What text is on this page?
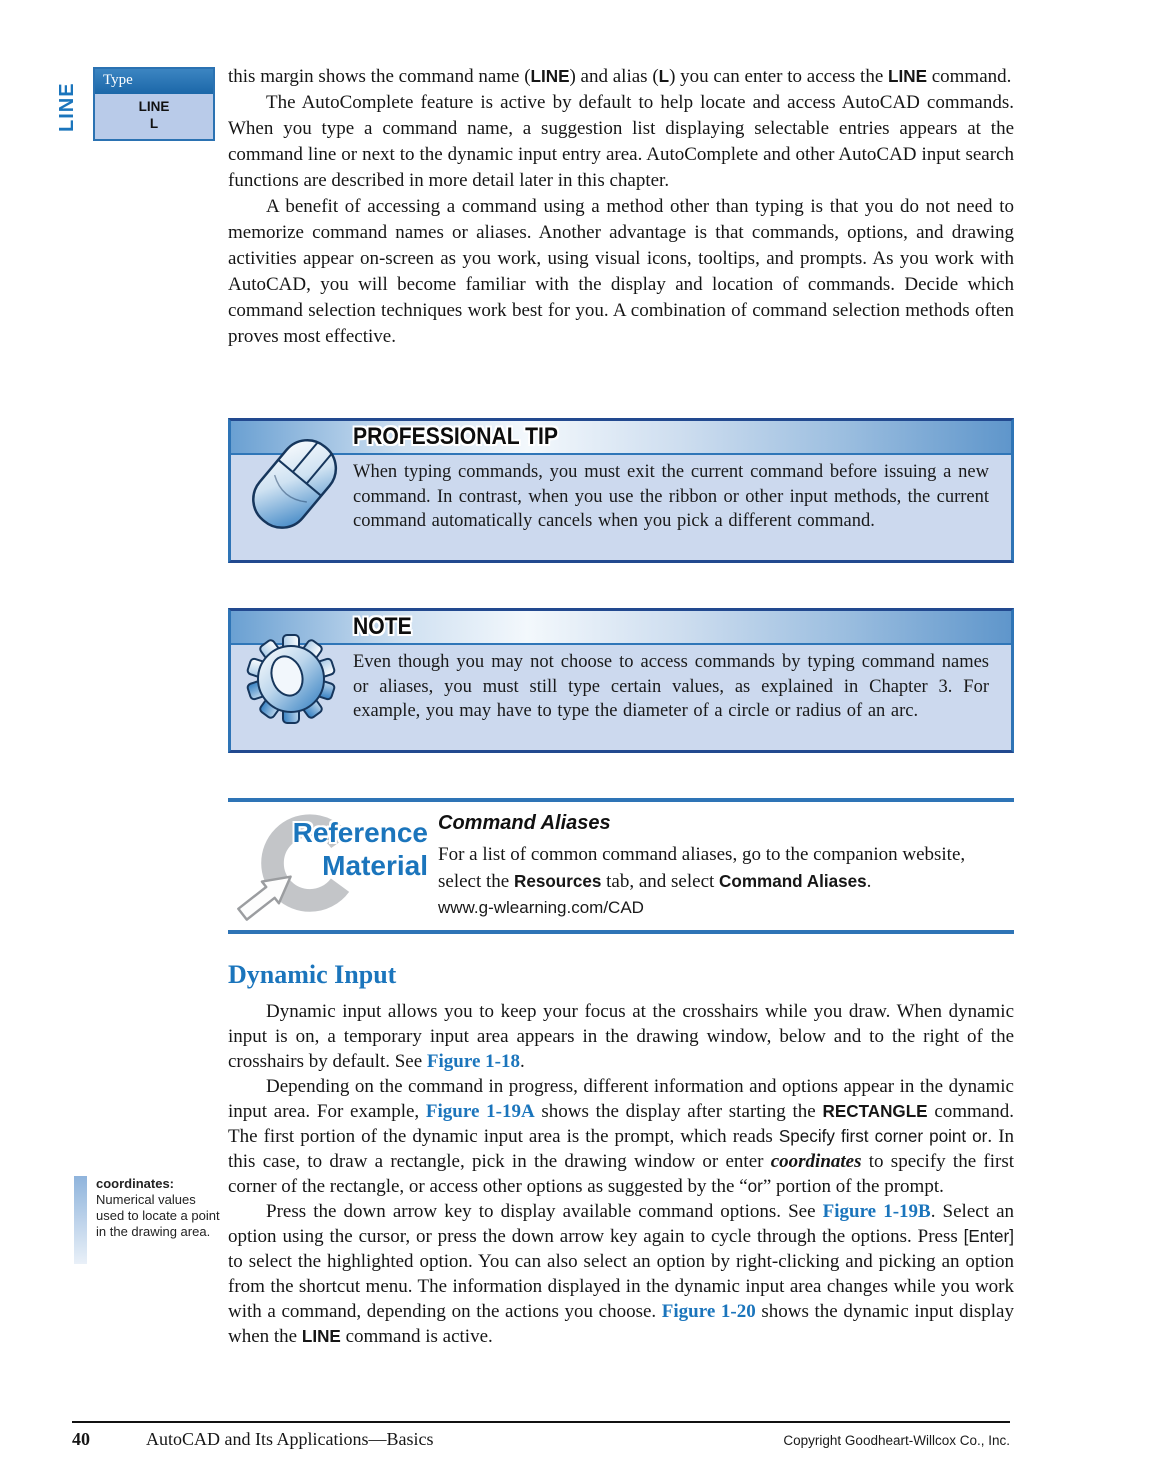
LINE
Type
LINE
L

this margin shows the command name (LINE) and alias (L) you can enter to access the LINE command.

The AutoComplete feature is active by default to help locate and access AutoCAD commands. When you type a command name, a suggestion list displaying selectable entries appears at the command line or next to the dynamic input entry area. AutoComplete and other AutoCAD input search functions are described in more detail later in this chapter.

A benefit of accessing a command using a method other than typing is that you do not need to memorize command names or aliases. Another advantage is that commands, options, and drawing activities appear on-screen as you work, using visual icons, tooltips, and prompts. As you work with AutoCAD, you will become familiar with the display and location of commands. Decide which command selection techniques work best for you. A combination of command selection methods often proves most effective.

PROFESSIONAL TIP
When typing commands, you must exit the current command before issuing a new command. In contrast, when you use the ribbon or other input methods, the current command automatically cancels when you pick a different command.
NOTE
Even though you may not choose to access commands by typing command names or aliases, you must still type certain values, as explained in Chapter 3. For example, you may have to type the diameter of a circle or radius of an arc.
Reference
Material
Command Aliases
For a list of common command aliases, go to the companion website, select the Resources tab, and select Command Aliases.
www.g-wlearning.com/CAD
Dynamic Input

Dynamic input allows you to keep your focus at the crosshairs while you draw. When dynamic input is on, a temporary input area appears in the drawing window, below and to the right of the crosshairs by default. See Figure 1-18.

Depending on the command in progress, different information and options appear in the dynamic input area. For example, Figure 1-19A shows the display after starting the RECTANGLE command. The first portion of the dynamic input area is the prompt, which reads Specify first corner point or. In this case, to draw a rectangle, pick in the drawing window or enter coordinates to specify the first corner of the rectangle, or access other options as suggested by the “or” portion of the prompt.

Press the down arrow key to display available command options. See Figure 1-19B. Select an option using the cursor, or press the down arrow key again to cycle through the options. Press [Enter] to select the highlighted option. You can also select an option by right-clicking and picking an option from the shortcut menu. The information displayed in the dynamic input area changes while you work with a command, depending on the actions you choose. Figure 1-20 shows the dynamic input display when the LINE command is active.

coordinates: Numerical values used to locate a point in the drawing area.
40	AutoCAD and Its Applications—Basics	Copyright Goodheart-Willcox Co., Inc.
